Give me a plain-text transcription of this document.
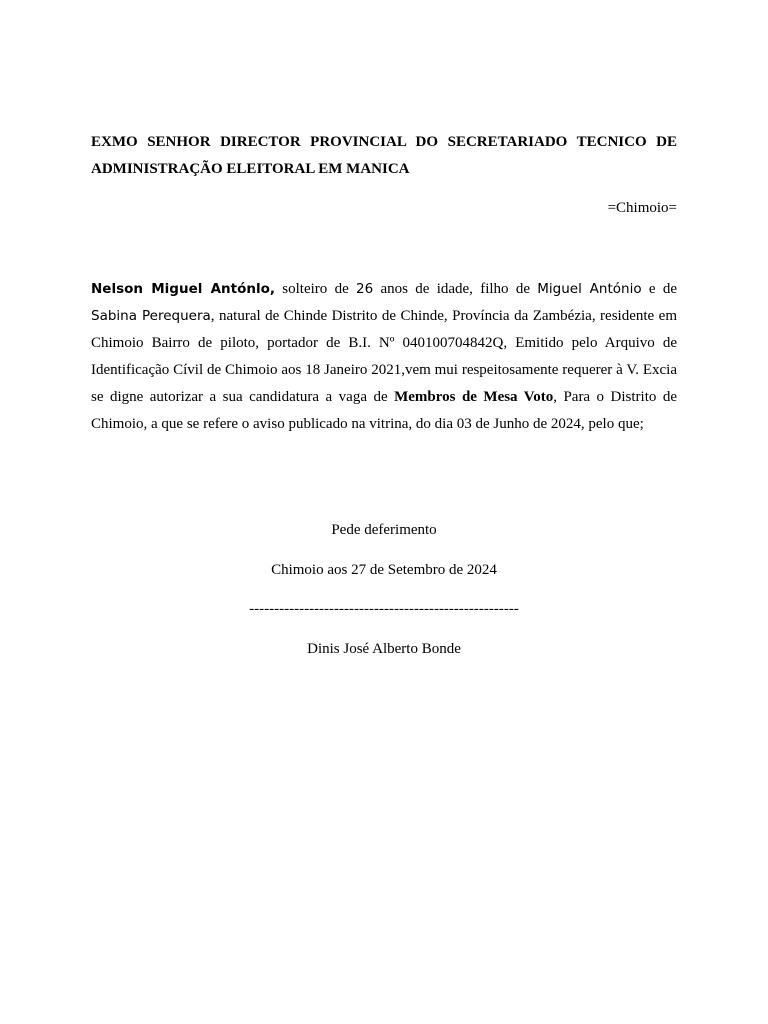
EXMO SENHOR DIRECTOR PROVINCIAL DO SECRETARIADO TECNICO DE
ADMINISTRAÇÃO ELEITORAL EM MANICA
=Chimoio=
Nelson Miguel Antónlo, solteiro de 26 anos de idade, filho de Miguel António e de Sabina Perequera, natural de Chinde Distrito de Chinde, Província da Zambézia, residente em Chimoio Bairro de piloto, portador de B.I. Nº 040100704842Q, Emitido pelo Arquivo de Identificação Cívil de Chimoio aos 18 Janeiro 2021,vem mui respeitosamente requerer à V. Excia se digne autorizar a sua candidatura a vaga de Membros de Mesa Voto, Para o Distrito de Chimoio, a que se refere o aviso publicado na vitrina, do dia 03 de Junho de 2024, pelo que;
Pede deferimento
Chimoio aos 27 de Setembro de 2024
------------------------------------------------------
Dinis José Alberto Bonde
